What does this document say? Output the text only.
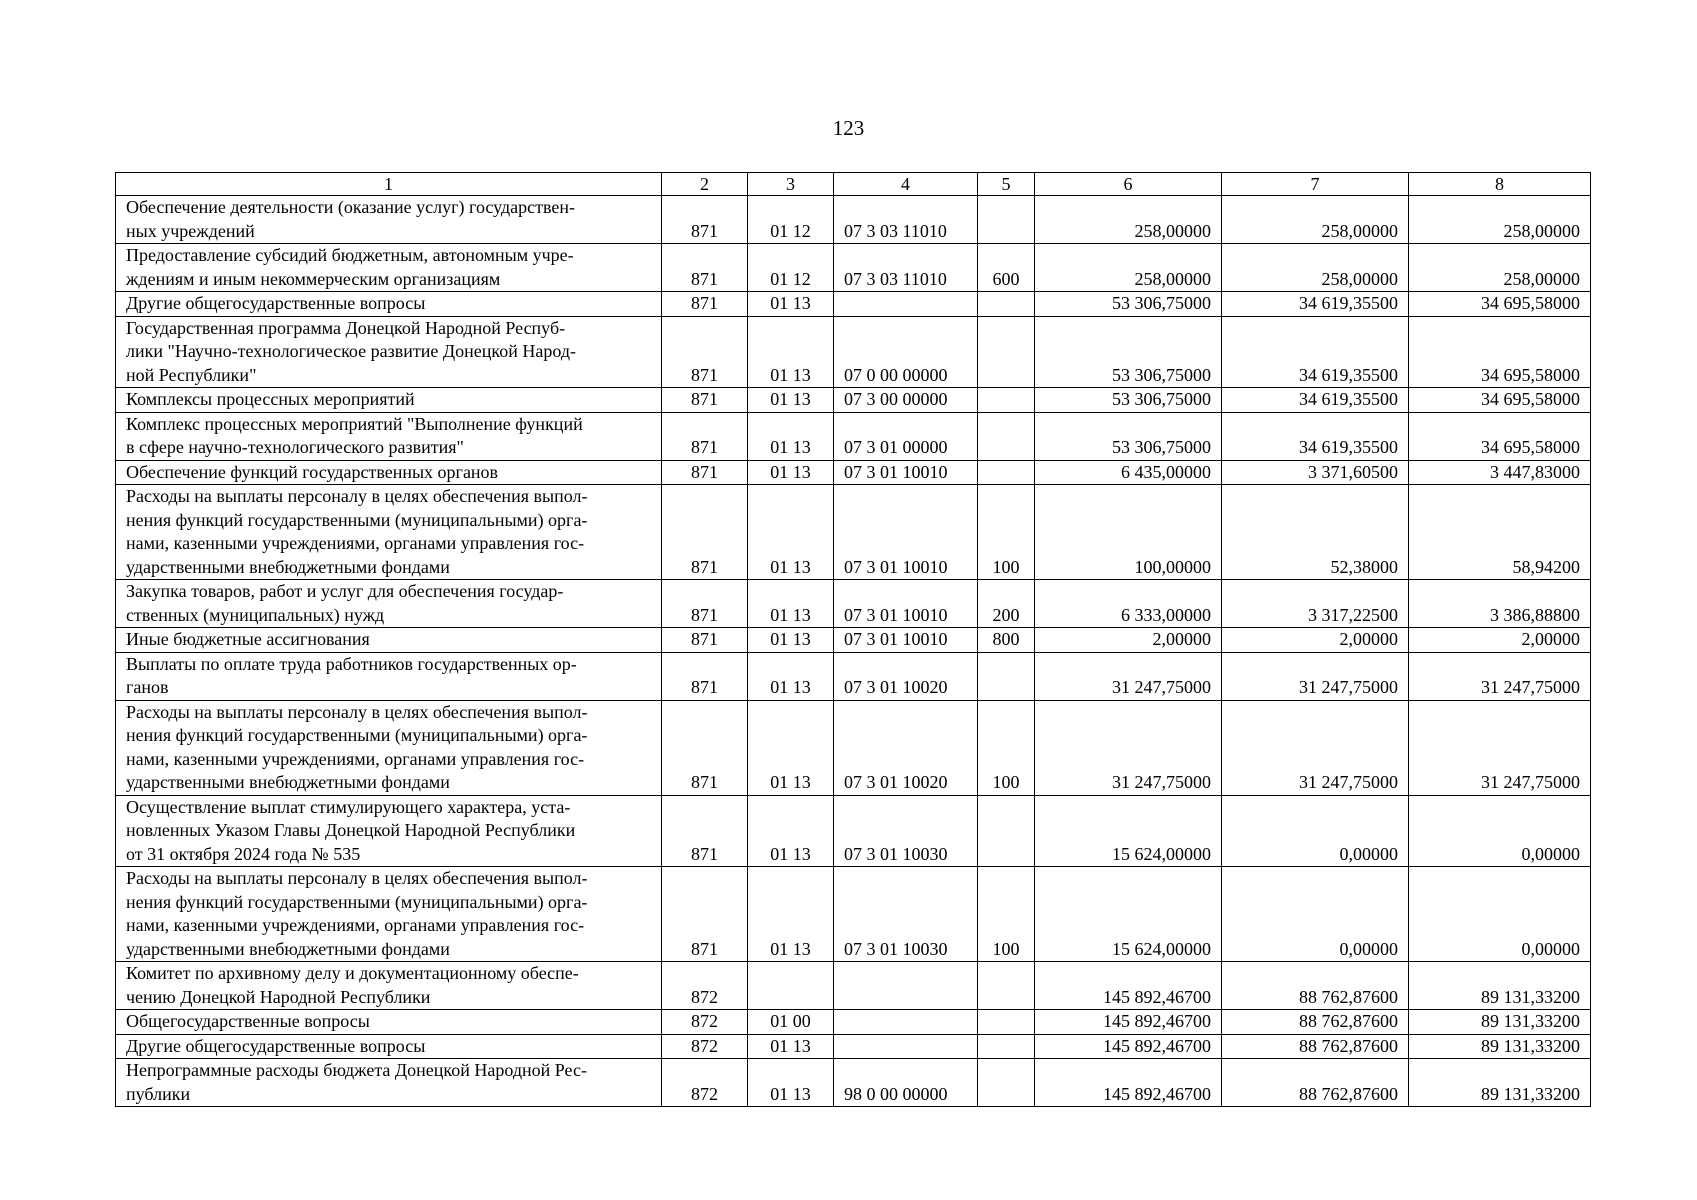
123
1	2	3	4	5	6	7	8
Обеспечение деятельности (оказание услуг) государствен-
ных учреждений	871	01 12	07 3 03 11010		258,00000	258,00000	258,00000
Предоставление субсидий бюджетным, автономным учре-
ждениям и иным некоммерческим организациям	871	01 12	07 3 03 11010	600	258,00000	258,00000	258,00000
Другие общегосударственные вопросы	871	01 13			53 306,75000	34 619,35500	34 695,58000
Государственная программа Донецкой Народной Респуб-
лики "Научно-технологическое развитие Донецкой Народ-
ной Республики"	871	01 13	07 0 00 00000		53 306,75000	34 619,35500	34 695,58000
Комплексы процессных мероприятий	871	01 13	07 3 00 00000		53 306,75000	34 619,35500	34 695,58000
Комплекс процессных мероприятий "Выполнение функций
в сфере научно-технологического развития"	871	01 13	07 3 01 00000		53 306,75000	34 619,35500	34 695,58000
Обеспечение функций государственных органов	871	01 13	07 3 01 10010		6 435,00000	3 371,60500	3 447,83000
Расходы на выплаты персоналу в целях обеспечения выпол-
нения функций государственными (муниципальными) орга-
нами, казенными учреждениями, органами управления гос-
ударственными внебюджетными фондами	871	01 13	07 3 01 10010	100	100,00000	52,38000	58,94200
Закупка товаров, работ и услуг для обеспечения государ-
ственных (муниципальных) нужд	871	01 13	07 3 01 10010	200	6 333,00000	3 317,22500	3 386,88800
Иные бюджетные ассигнования	871	01 13	07 3 01 10010	800	2,00000	2,00000	2,00000
Выплаты по оплате труда работников государственных ор-
ганов	871	01 13	07 3 01 10020		31 247,75000	31 247,75000	31 247,75000
Расходы на выплаты персоналу в целях обеспечения выпол-
нения функций государственными (муниципальными) орга-
нами, казенными учреждениями, органами управления гос-
ударственными внебюджетными фондами	871	01 13	07 3 01 10020	100	31 247,75000	31 247,75000	31 247,75000
Осуществление выплат стимулирующего характера, уста-
новленных Указом Главы Донецкой Народной Республики
от 31 октября 2024 года № 535	871	01 13	07 3 01 10030		15 624,00000	0,00000	0,00000
Расходы на выплаты персоналу в целях обеспечения выпол-
нения функций государственными (муниципальными) орга-
нами, казенными учреждениями, органами управления гос-
ударственными внебюджетными фондами	871	01 13	07 3 01 10030	100	15 624,00000	0,00000	0,00000
Комитет по архивному делу и документационному обеспе-
чению Донецкой Народной Республики	872				145 892,46700	88 762,87600	89 131,33200
Общегосударственные вопросы	872	01 00			145 892,46700	88 762,87600	89 131,33200
Другие общегосударственные вопросы	872	01 13			145 892,46700	88 762,87600	89 131,33200
Непрограммные расходы бюджета Донецкой Народной Рес-
публики	872	01 13	98 0 00 00000		145 892,46700	88 762,87600	89 131,33200
